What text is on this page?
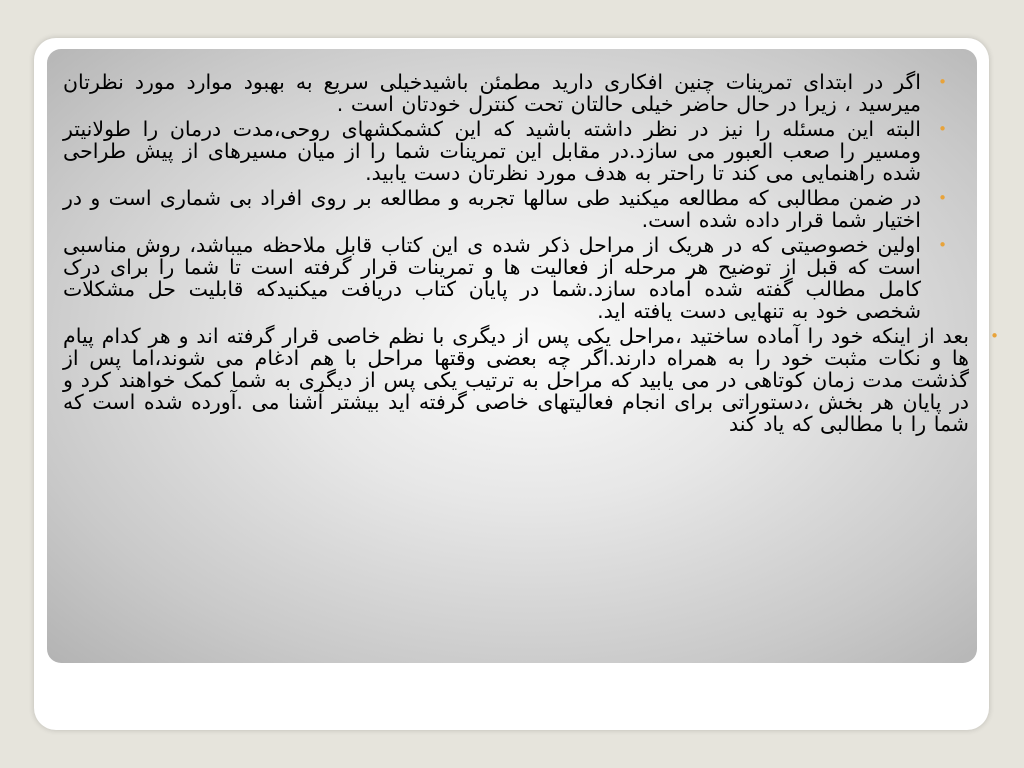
•
اگر در ابتدای تمرینات چنین افکاری دارید مطمئن باشیدخیلی سریع به بهبود موارد مورد نظرتان میرسید ، زیرا در حال حاضر خیلی حالتان تحت کنترل خودتان است .
•
البته این مسئله را نیز در نظر داشته باشید که این کشمکشهای روحی،مدت درمان را طولانیتر ومسیر را صعب العبور می سازد.در مقابل این تمرینات شما را از میان مسیرهای از پیش طراحی شده راهنمایی می کند تا راحتر به هدف مورد نظرتان دست یابید.
•
در ضمن مطالبی که مطالعه میکنید طی سالها تجربه و مطالعه بر روی افراد بی شماری است و در اختیار شما قرار داده شده است.
•
اولین خصوصیتی که در هریک از مراحل ذکر شده ی این کتاب قابل ملاحظه میباشد، روش مناسبی است که قبل از توضیح هر مرحله از فعالیت ها و تمرینات قرار گرفته است تا شما را برای درک کامل مطالب گفته شده آماده سازد.شما در پایان کتاب دریافت میکنیدکه قابلیت حل مشکلات شخصی خود به تنهایی دست یافته اید.
•
بعد از اینکه خود را آماده ساختید ،مراحل یکی پس از دیگری با نظم خاصی قرار گرفته اند و هر کدام پیام ها و نکات مثبت خود را به همراه دارند.اگر چه بعضی وقتها مراحل با هم ادغام می شوند،اما پس از گذشت مدت زمان کوتاهی در می یابید که مراحل به ترتیب یکی پس از دیگری به شما کمک خواهند کرد و در پایان هر بخش ،دستوراتی برای انجام فعالیتهای خاصی گرفته اید بیشتر آشنا می .آورده شده است که شما را با مطالبی که یاد کند
